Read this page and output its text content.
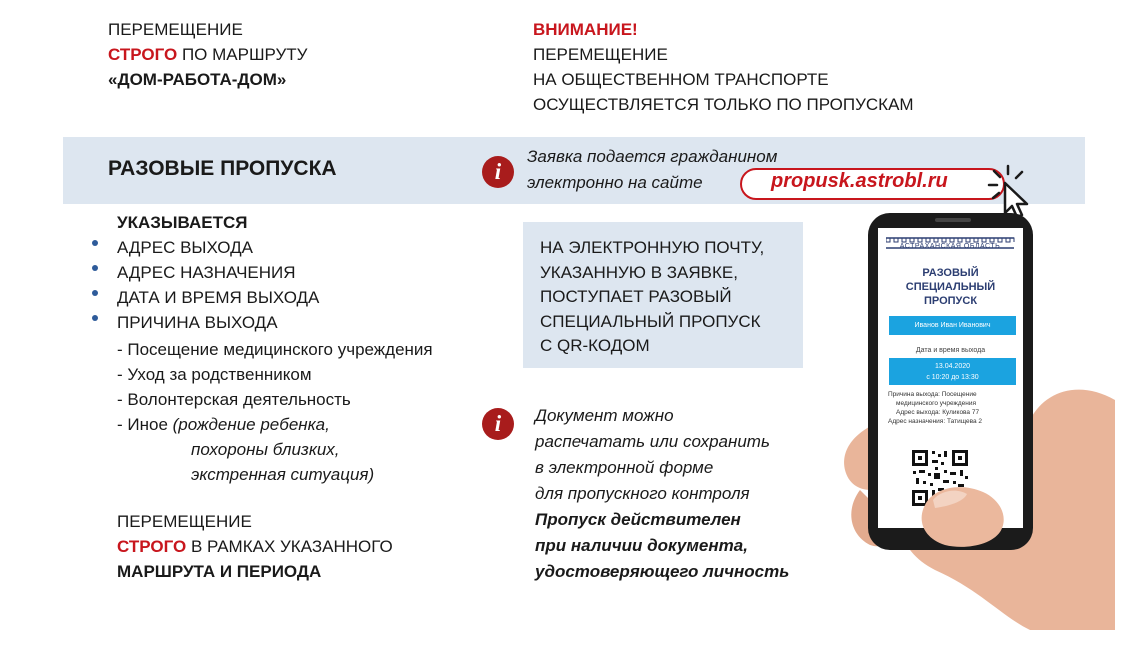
ПЕРЕМЕЩЕНИЕ
СТРОГО ПО МАРШРУТУ
«ДОМ-РАБОТА-ДОМ»
ВНИМАНИЕ!
ПЕРЕМЕЩЕНИЕ
НА ОБЩЕСТВЕННОМ ТРАНСПОРТЕ
ОСУЩЕСТВЛЯЕТСЯ ТОЛЬКО ПО ПРОПУСКАМ
РАЗОВЫЕ ПРОПУСКА	i
Заявка подается гражданином
электронно на сайте	propusk.astrobl.ru
УКАЗЫВАЕТСЯ
АДРЕС ВЫХОДА
АДРЕС НАЗНАЧЕНИЯ
ДАТА И ВРЕМЯ ВЫХОДА
ПРИЧИНА ВЫХОДА
- Посещение медицинского учреждения
- Уход за родственником
- Волонтерская деятельность
- Иное (рождение ребенка,
похороны близких,
экстренная ситуация)
ПЕРЕМЕЩЕНИЕ
СТРОГО В РАМКАХ УКАЗАННОГО
МАРШРУТА И ПЕРИОДА
НА ЭЛЕКТРОННУЮ ПОЧТУ,
УКАЗАННУЮ В ЗАЯВКЕ,
ПОСТУПАЕТ РАЗОВЫЙ
СПЕЦИАЛЬНЫЙ ПРОПУСК
С QR-КОДОМ
i	Документ можно
распечатать или сохранить
в электронной форме
для пропускного контроля
Пропуск действителен
при наличии документа,
удостоверяющего личность
АСТРАХАНСКАЯ ОБЛАСТЬ
РАЗОВЫЙ
СПЕЦИАЛЬНЫЙ
ПРОПУСК
Иванов Иван Иванович
Дата и время выхода
13.04.2020
с 10:20 до 13:30
Причина выхода: Посещение
медицинского учреждения
Адрес выхода: Куликова 77
Адрес назначения: Татищева 2
